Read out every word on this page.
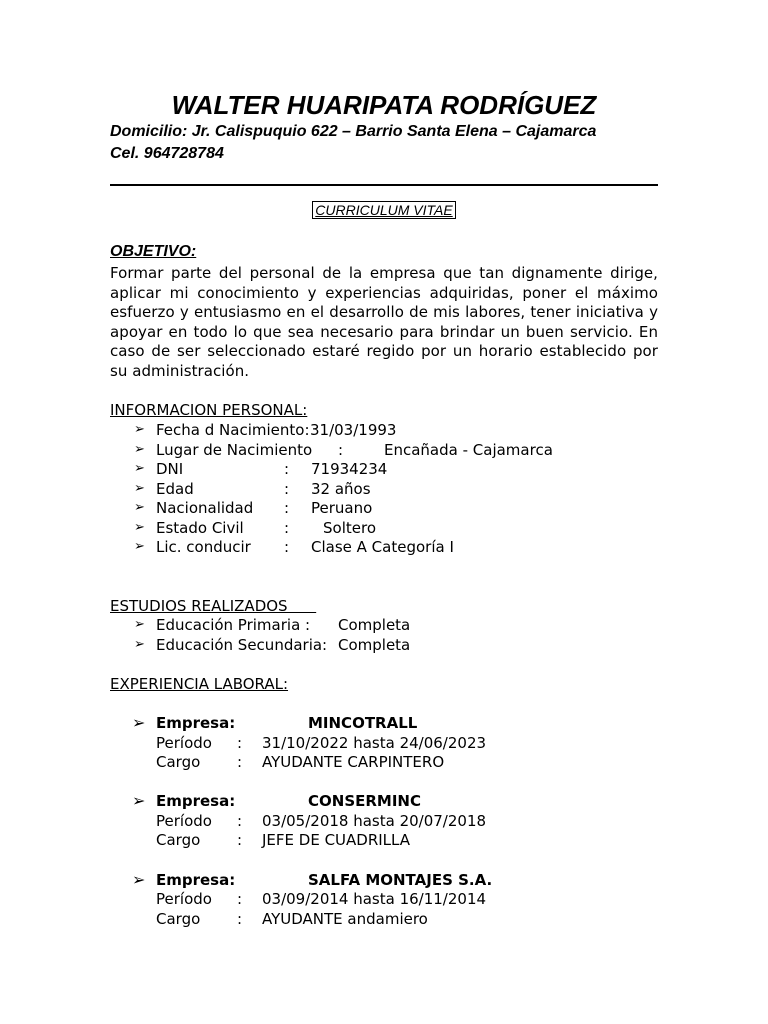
WALTER HUARIPATA RODRÍGUEZ
Domicilio: Jr. Calispuquio 622 – Barrio Santa Elena – Cajamarca
Cel. 964728784
CURRICULUM VITAE
OBJETIVO:
Formar parte del personal de la empresa que tan dignamente dirige, aplicar mi conocimiento y experiencias adquiridas, poner el máximo esfuerzo y entusiasmo en el desarrollo de mis labores, tener iniciativa y apoyar en todo lo que sea necesario para brindar un buen servicio. En caso de ser seleccionado estaré regido por un horario establecido por su administración.
INFORMACION PERSONAL:
➢ Fecha d Nacimiento: 31/03/1993
➢ Lugar de Nacimiento :	Encañada - Cajamarca
➢ DNI	: 71934234
➢ Edad	: 32 años
➢ Nacionalidad : Peruano
➢ Estado Civil	: Soltero
➢ Lic. conducir : Clase A Categoría I
ESTUDIOS REALIZADOS
➢ Educación Primaria : Completa
➢ Educación Secundaria: Completa
EXPERIENCIA LABORAL:
➢ Empresa:	MINCOTRALL
Período : 31/10/2022 hasta 24/06/2023
Cargo : AYUDANTE CARPINTERO
➢ Empresa:	CONSERMINC
Período : 03/05/2018 hasta 20/07/2018
Cargo : JEFE DE CUADRILLA
➢ Empresa:	SALFA MONTAJES S.A.
Período : 03/09/2014 hasta 16/11/2014
Cargo : AYUDANTE andamiero
